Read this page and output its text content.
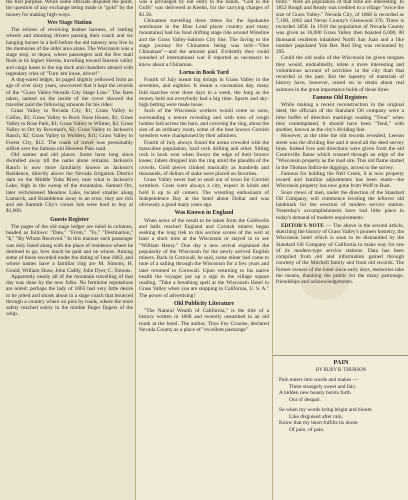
the first purpose. While some officials disputed the point, the question of any exchange being made in "gold" by the money for making high-ways.

Wes Stage Station

The echoes of revolving leather harness, of rattling wheels and shouting drivers passing their coach and six hanging horses in a bell before the old tannery now live in the memories of the older area alone. The Wisconsin was a stage stop, or depot, where passengers and the few mail finds in its higher Sierras, travelling toward Sinston valley and cargo bases to the top dock and chandlers aboard with legendary cries of "Turn 'em loose, driver!"

A dog-eared ledger, its paged slightly yellowed from an age of over sixty years, uncovered that it kept the records of the "Grass Valley-Nevada City Stage Line." The fares taken, named on the inside of the cover showed the traveller paid the following amounts for his rides:

Grass Valley to Nevada City, $1; Grass Valley to Colfax, $3; Grass Valley to Rock Nose House, $1; Grass Valley to Rose Park, $1; Grass Valley to Wilmer, $2; Grass Valley to Orr by Bowman's, $2; Grass Valley to Jackson's Ranch, $2; Grass Valley to Wolders, $11; Grass Valley to Forest City, $12. The roads of travel was presumably stifled over the famous old Henness Pass road.

Old names and old places. Some have long since dwindled away till the name alone remains. Jackson's Ranch is now more familiarly known as Jackson's Residence, directly above the Nevada Irrigation District dam on the Middle Yuba River, near what is Jackson's Lake, high in the sweep of the mountains. Samuel Orr, later rechristened Meadow Lake, located smaller along Lamarck, and Brambleton away to an error, they are rich and are Summit City's corner lots were hard to buy at $1,000.

Guests Register

The pages of the old stage ledger are ruled in columns, headed as follows: "Date," "From," "To," "Destination," "$," "By Whom Received." In this manner each passenger was duly listed along with the place of residence where he destined to go, how much he paid and on whose. Among some of those recorded under the dating of June 1863, and whose names have a familiar ring are M. Simons, H. Gould, William Shaw, John Caddy, John Dyer, C. Simons.

Apparently nearly all of the mountain travelling of that day was done by the new folks. No feminine reputations are noted; perhaps the lady of 1863 had very little desire to be jolted and shook about in a stage coach that bounced through a country where on pins by roads, where the most safety reached solely in the nimble finger fingers of the whip.

was a privileged by our entry to the hands, "God in the Gulfs" was delivered at Keehn, for the carrying charges of $1.50.

Chinamen travelling three times for the Spokanite warehouse in the Blue Lead placer country and many mountains) had his food drifting stage ride around Wineline and the Grass Valley-Salmon City line. The Javing to the stage journey for Chinamen being was told—"One Chinaman"—and the amount paid. Evidently they could sounded of international war if reported as necessary to know about a Chinaman.

Lorna in Book Yard

Fourth of July meant big doings in Grass Valley in the seventies, and eighties. It meant a coronation day, many fold marches over three days in a week, the Jong as the money held out everybody had a big time. Sports and sky-high betting were made loose.

Such of the Wisconsin workers would come so soon, surrounding a tenure revealing and with tons of rough lumber laid across the barn, and covering the ring, about the size of an ordinary room, some of the best known Cornish wrestlers were championed by their admirers.

Fourth of July always found the arena crowded with the masculine population, hard rock drilling and other. Sitting rock is huck won when Sways the edge of their bronco knees; Jabets dropped into the ring amid the plaudits of the crowds. Gold pieces clinked musically as hundreds and thousands, of dollars of stake were placed on favorites.

Grass Valley never had to send out of town for Cornish wrestlers. Costs were always a city, expect in kinds and hold it up to all comers. The wrestling enthusiasm of Independence Day at the hotel about Dollar and was obviously a good many years ago.

Was Known in England

When news of the result to be taken from the Goldwells and balls reached England and Cornish miners began seeking the long trek to this section scores of the well at least a short time at the Wisconsin or stayed in to see "William Henry." One day a new arrival explained the popularity of the Wisconsin for the newly arrived English miners. Back in Cornwall, he said, some miner had come to tune of a sailing through the Wisconsin for a few years and later returned to Cornwall. Upon returning to his native health the voyager put up a sign in the village square reading, "Take a breathing spell at the Wisconsin Hotel in Grass Valley when you are stopping in California, U. S. A." The power of advertising!

Old Publicity Literature

"The Natural Wealth of California," is the title of a history written in 1868 and recently unearthed in an old trunk at the hotel. The author, Titus Fey Cronise, declared Nevada County as a place of "excellent pasturage"

bility." Note an population of that time are interesting. In 1852 Rough and Ready was credited to a village "twice the size of Grass Valley." Nevada City, of 1868 is recorded as 7,100, 1862 and Nevar County's Glenwood 376. There is recorded 1858. In 1916 the population of Nevada County was given as 16,000 Grass Valley then boasted 6,000, 00 thousand residents inhabited North San Juan and a like number populated Yob Bet. Red Dog was recounted by 295.

Could the old walls of the Wisconsin be given tongues they would, undoubtedly, relate a more interesting and voluminous account of activities in the city than that recorded in the past. But the tapestry of materials of history have, however, raised on to retain about real salmons in the great importance holds of those three.

Famous Old Registers

While making a recent reconstruction in the original deed, the officials of the Standard Oil company were a time buffet of direction markings reading "Treat" when they contemplated, it should have been "Tend," with another, known as the city's dividing line.

However, at the time the old records revealed, Leeson street was the dividing line and it stood all the deed survey lines. Indeed Ives and directions were given from the old Centreville flame which crossed through an edge of the "Wisconsin property as the road site. This old flame started in the Thomas Indira-de diggings, across to the survey.

Famous for holding the Nell Creek, it is now property owned and familiar adjustments has been made—the Wisconsin property has now gone from Wolf to Rust.

Soon crews of men, under the direction of the Standard Oil Company, will commence leveling the leftover old landmark for the erection of modern service station. Yesterday's accomplishments have had little place in today's demand of modern requirements.

EDITOR'S NOTE — The above is the second article, sketching the history of Grass Valley's pioneer hostelry, the Wisconsin hotel which is soon to be dismantled by the Standard Oil Company of California to make way for one of its modern-type service stations. Data has been compiled from old and information gained through courtesy of the Mitchell family and from old records. The former owners of the hotel since early days, memories take the means, thanking the public for the many patronage, friendships and acknowledgements.

PAIN
BY RUBY B. THURSON
Pain enters into words and makes —
Them strangely sweet and fair;
A hidden new beauty bursts forth
Out of despair.
So when my words bring bright and bloom
Like disguised after rain,
Know that my heart fulfills its doom
Of pain, of pain.
